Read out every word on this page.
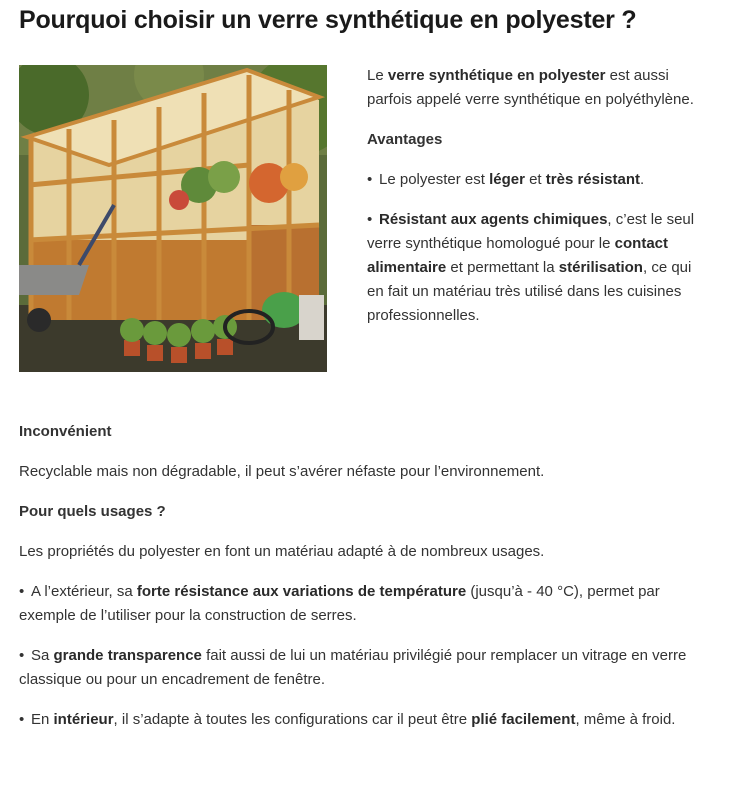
Pourquoi choisir un verre synthétique en polyester ?

Le verre synthétique en polyester est aussi parfois appelé verre synthétique en polyéthylène.

Avantages

• Le polyester est léger et très résistant.
• Résistant aux agents chimiques, c’est le seul verre synthétique homologué pour le contact alimentaire et permettant la stérilisation, ce qui en fait un matériau très utilisé dans les cuisines professionnelles.

Inconvénient

Recyclable mais non dégradable, il peut s’avérer néfaste pour l’environnement.

Pour quels usages ?

Les propriétés du polyester en font un matériau adapté à de nombreux usages.

• A l’extérieur, sa forte résistance aux variations de température (jusqu’à - 40 °C), permet par exemple de l’utiliser pour la construction de serres.

• Sa grande transparence fait aussi de lui un matériau privilégié pour remplacer un vitrage en verre classique ou pour un encadrement de fenêtre.

• En intérieur, il s’adapte à toutes les configurations car il peut être plié facilement, même à froid.
